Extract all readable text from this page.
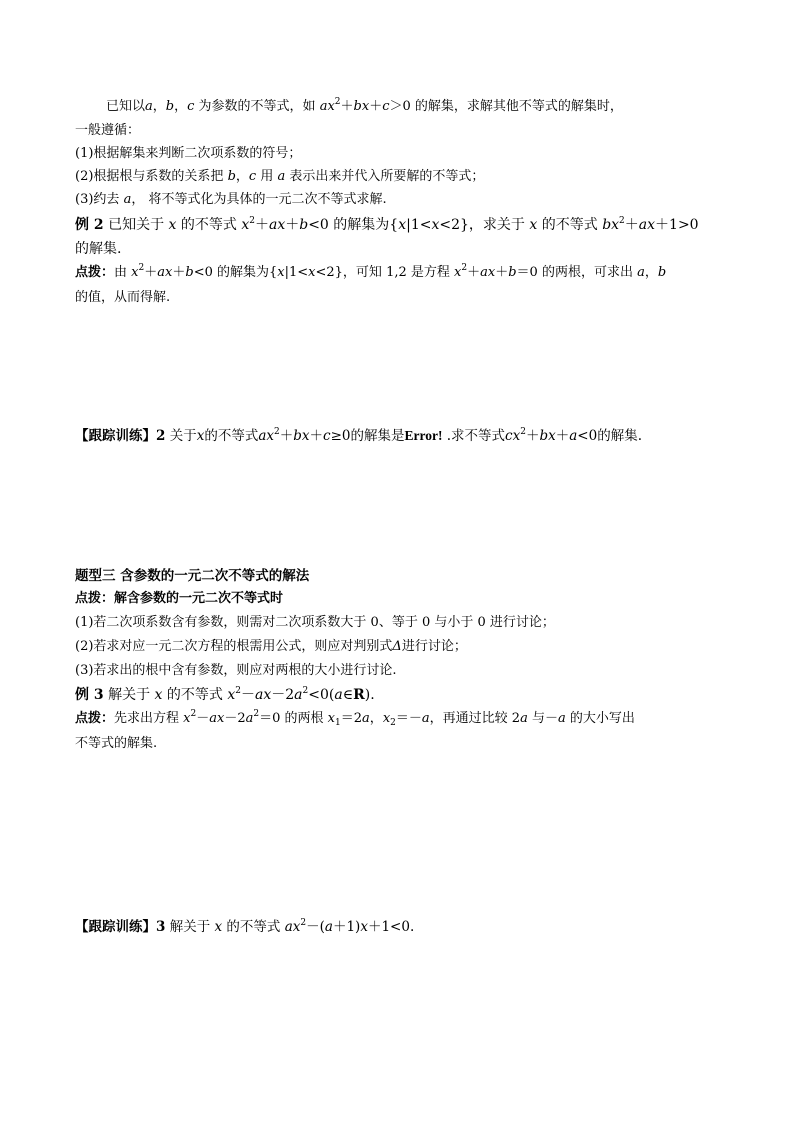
已知以a，b，c 为参数的不等式，如 $ax^2+bx+c>0$ 的解集，求解其他不等式的解集时，
一般遵循：
(1)根据解集来判断二次项系数的符号；
(2)根据根与系数的关系把 b，c 用 a 表示出来并代入所要解的不等式；
(3)约去 a， 将不等式化为具体的一元二次不等式求解.
例 2 已知关于 x 的不等式 $x^2+ax+b<0$ 的解集为{x|1<x<2}，求关于 x 的不等式 $bx^2+ax+1>0$
的解集.
点拨：由 $x^2+ax+b<0$ 的解集为{x|1<x<2}，可知 1,2 是方程 $x^2+ax+b=0$ 的两根，可求出 a，b
的值，从而得解.
【跟踪训练】2 关于x的不等式$ax^2+bx+c\ge 0$的解集是Error! .求不等式$cx^2+bx+a<0$的解集.
题型三 含参数的一元二次不等式的解法
点拨：解含参数的一元二次不等式时
(1)若二次项系数含有参数，则需对二次项系数大于 0、等于 0 与小于 0 进行讨论；
(2)若求对应一元二次方程的根需用公式，则应对判别式Δ进行讨论；
(3)若求出的根中含有参数，则应对两根的大小进行讨论.
例 3 解关于 x 的不等式 $x^2-ax-2a^2<0(a\in R)$.
点拨：先求出方程 $x^2-ax-2a^2=0$ 的两根 $x_1=2a$，$x_2=-a$，再通过比较 2a 与－a 的大小写出
不等式的解集.
【跟踪训练】3 解关于 x 的不等式 $ax^2-(a+1)x+1<0$.
